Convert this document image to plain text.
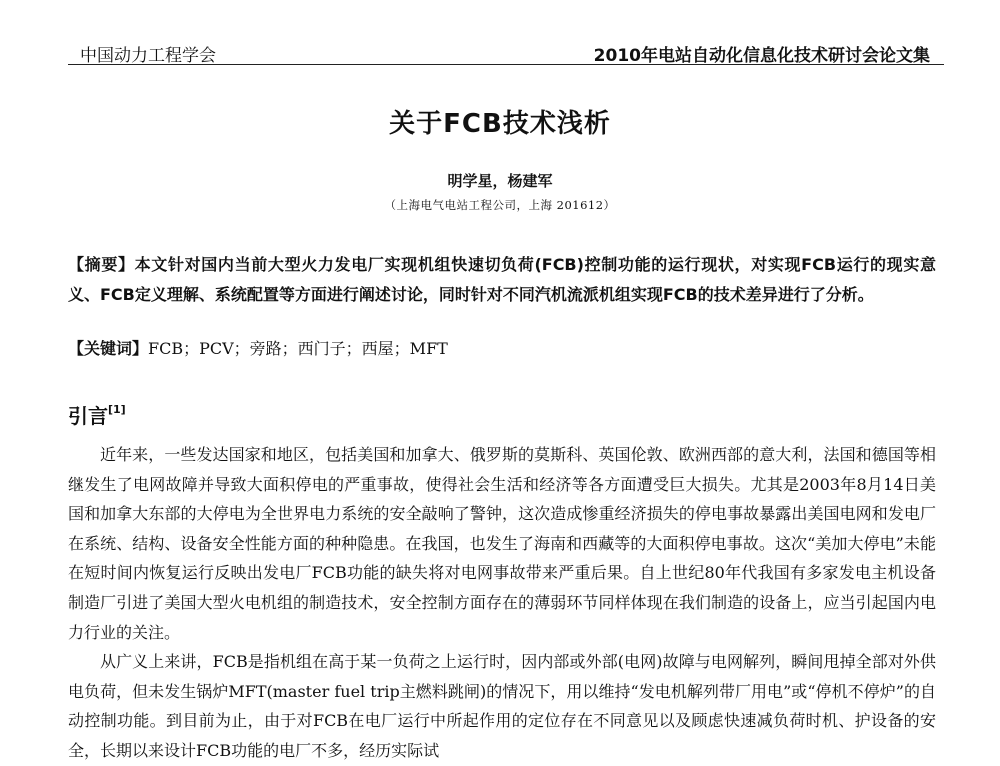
中国动力工程学会	2010年电站自动化信息化技术研讨会论文集
关于FCB技术浅析
明学星，杨建军
（上海电气电站工程公司，上海 201612）
【摘要】本文针对国内当前大型火力发电厂实现机组快速切负荷(FCB)控制功能的运行现状，对实现FCB运行的现实意义、FCB定义理解、系统配置等方面进行阐述讨论，同时针对不同汽机流派机组实现FCB的技术差异进行了分析。
【关键词】FCB；PCV；旁路；西门子；西屋；MFT
引言[1]

近年来，一些发达国家和地区，包括美国和加拿大、俄罗斯的莫斯科、英国伦敦、欧洲西部的意大利，法国和德国等相继发生了电网故障并导致大面积停电的严重事故，使得社会生活和经济等各方面遭受巨大损失。尤其是2003年8月14日美国和加拿大东部的大停电为全世界电力系统的安全敲响了警钟，这次造成惨重经济损失的停电事故暴露出美国电网和发电厂在系统、结构、设备安全性能方面的种种隐患。在我国，也发生了海南和西藏等的大面积停电事故。这次“美加大停电”未能在短时间内恢复运行反映出发电厂FCB功能的缺失将对电网事故带来严重后果。自上世纪80年代我国有多家发电主机设备制造厂引进了美国大型火电机组的制造技术，安全控制方面存在的薄弱环节同样体现在我们制造的设备上，应当引起国内电力行业的关注。

从广义上来讲，FCB是指机组在高于某一负荷之上运行时，因内部或外部(电网)故障与电网解列，瞬间甩掉全部对外供电负荷，但未发生锅炉MFT(master fuel trip主燃料跳闸)的情况下，用以维持“发电机解列带厂用电”或“停机不停炉”的自动控制功能。到目前为止，由于对FCB在电厂运行中所起作用的定位存在不同意见以及顾虑快速减负荷时机、护设备的安全，长期以来设计FCB功能的电厂不多，经历实际试
